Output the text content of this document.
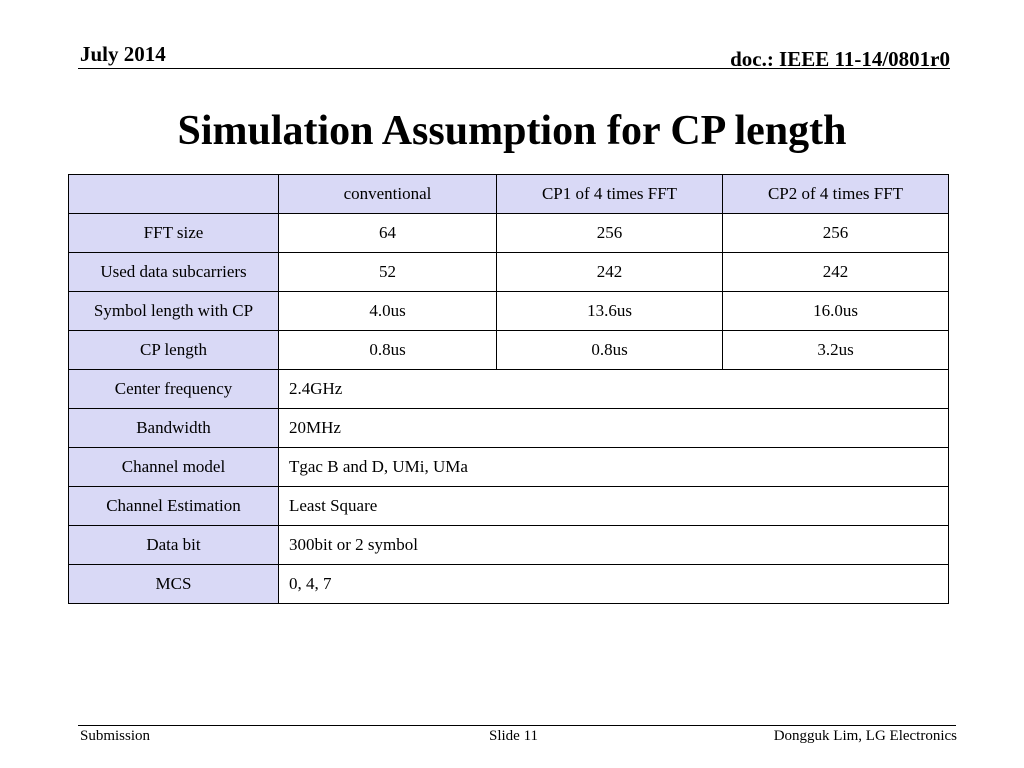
July 2014	doc.: IEEE 11-14/0801r0
Simulation Assumption for CP length
	conventional	CP1 of 4 times FFT	CP2 of 4 times FFT
FFT size	64	256	256
Used data subcarriers	52	242	242
Symbol length with CP	4.0us	13.6us	16.0us
CP length	0.8us	0.8us	3.2us
Center frequency	2.4GHz		
Bandwidth	20MHz		
Channel model	Tgac B and D, UMi, UMa		
Channel Estimation	Least Square		
Data bit	300bit or 2 symbol		
MCS	0, 4, 7		
Submission	Slide 11	Dongguk Lim, LG Electronics
